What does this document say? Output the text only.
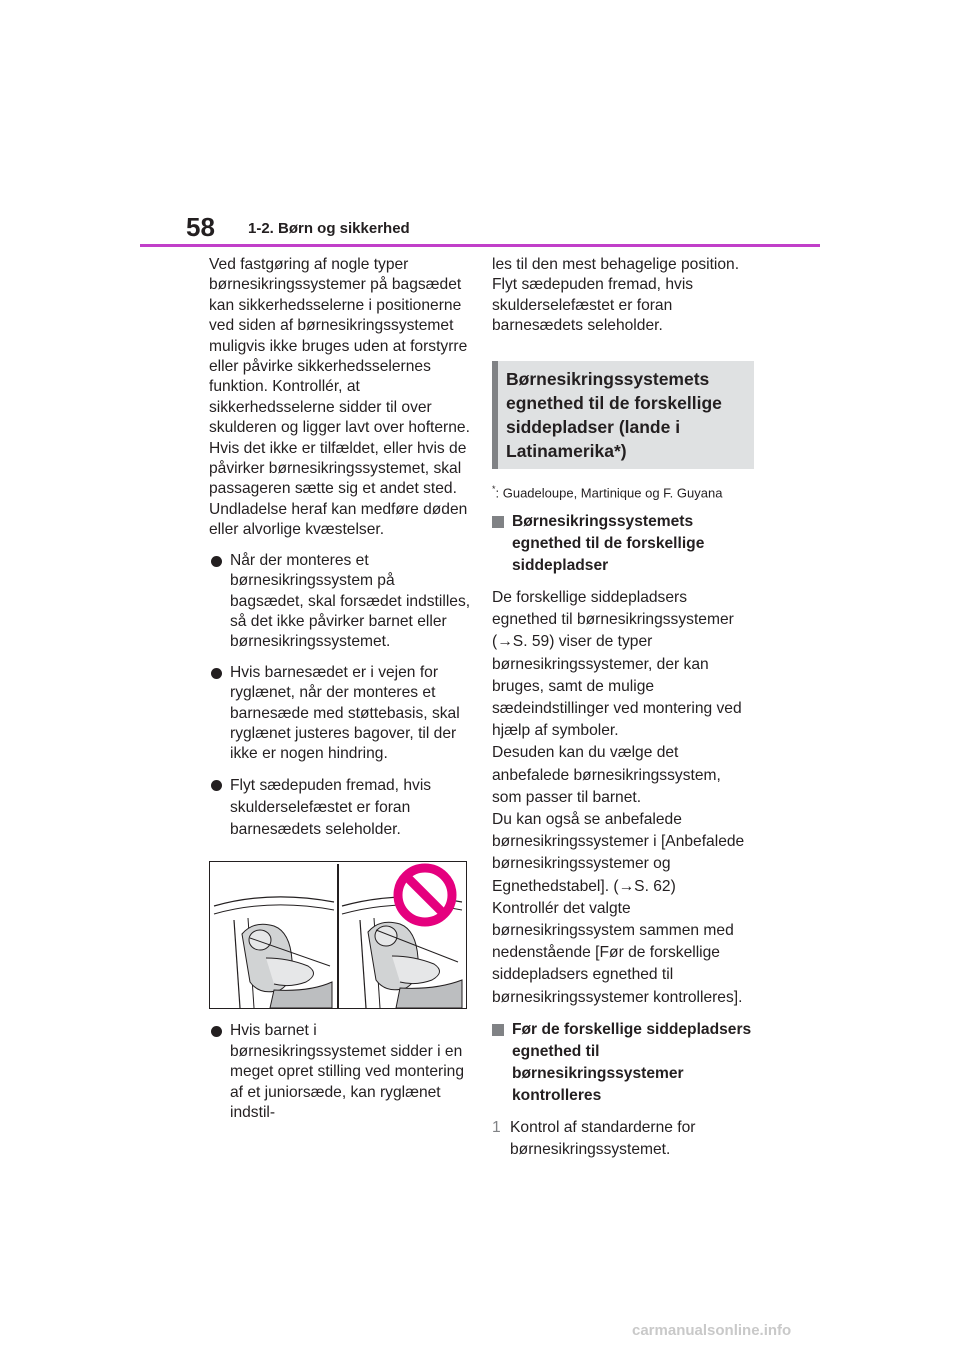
58 1-2. Børn og sikkerhed

Ved fastgøring af nogle typer børnesikringssystemer på bagsædet kan sikkerhedsselerne i positionerne ved siden af børnesikringssystemet muligvis ikke bruges uden at forstyrre eller påvirke sikkerhedsselernes funktion. Kontrollér, at sikkerhedsselerne sidder til over skulderen og ligger lavt over hofterne. Hvis det ikke er tilfældet, eller hvis de påvirker børnesikringssystemet, skal passageren sætte sig et andet sted. Undladelse heraf kan medføre døden eller alvorlige kvæstelser.

Når der monteres et børnesikringssystem på bagsædet, skal forsædet indstilles, så det ikke påvirker barnet eller børnesikringssystemet.
Hvis barnesædet er i vejen for ryglænet, når der monteres et barnesæde med støttebasis, skal ryglænet justeres bagover, til der ikke er nogen hindring.
Flyt sædepuden fremad, hvis skulderselefæstet er foran barnesædets seleholder.
Hvis barnet i børnesikringssystemet sidder i en meget opret stilling ved montering af et juniorsæde, kan ryglænet indstil-

les til den mest behagelige position. Flyt sædepuden fremad, hvis skulderselefæstet er foran barnesædets seleholder.

Børnesikringssystemets egnethed til de forskellige siddepladser (lande i Latinamerika*)
*: Guadeloupe, Martinique og F. Guyana
Børnesikringssystemets egnethed til de forskellige siddepladser
De forskellige siddepladsers egnethed til børnesikringssystemer (→S. 59) viser de typer børnesikringssystemer, der kan bruges, samt de mulige sædeindstillinger ved montering ved hjælp af symboler.
Desuden kan du vælge det anbefalede børnesikringssystem, som passer til barnet.
Du kan også se anbefalede børnesikringssystemer i [Anbefalede børnesikringssystemer og Egnethedstabel]. (→S. 62)
Kontrollér det valgte børnesikringssystem sammen med nedenstående [Før de forskellige siddepladsers egnethed til børnesikringssystemer kontrolleres].
Før de forskellige siddepladsers egnethed til børnesikringssystemer kontrolleres
1 Kontrol af standarderne for børnesikringssystemet.
carmanualsonline.info
